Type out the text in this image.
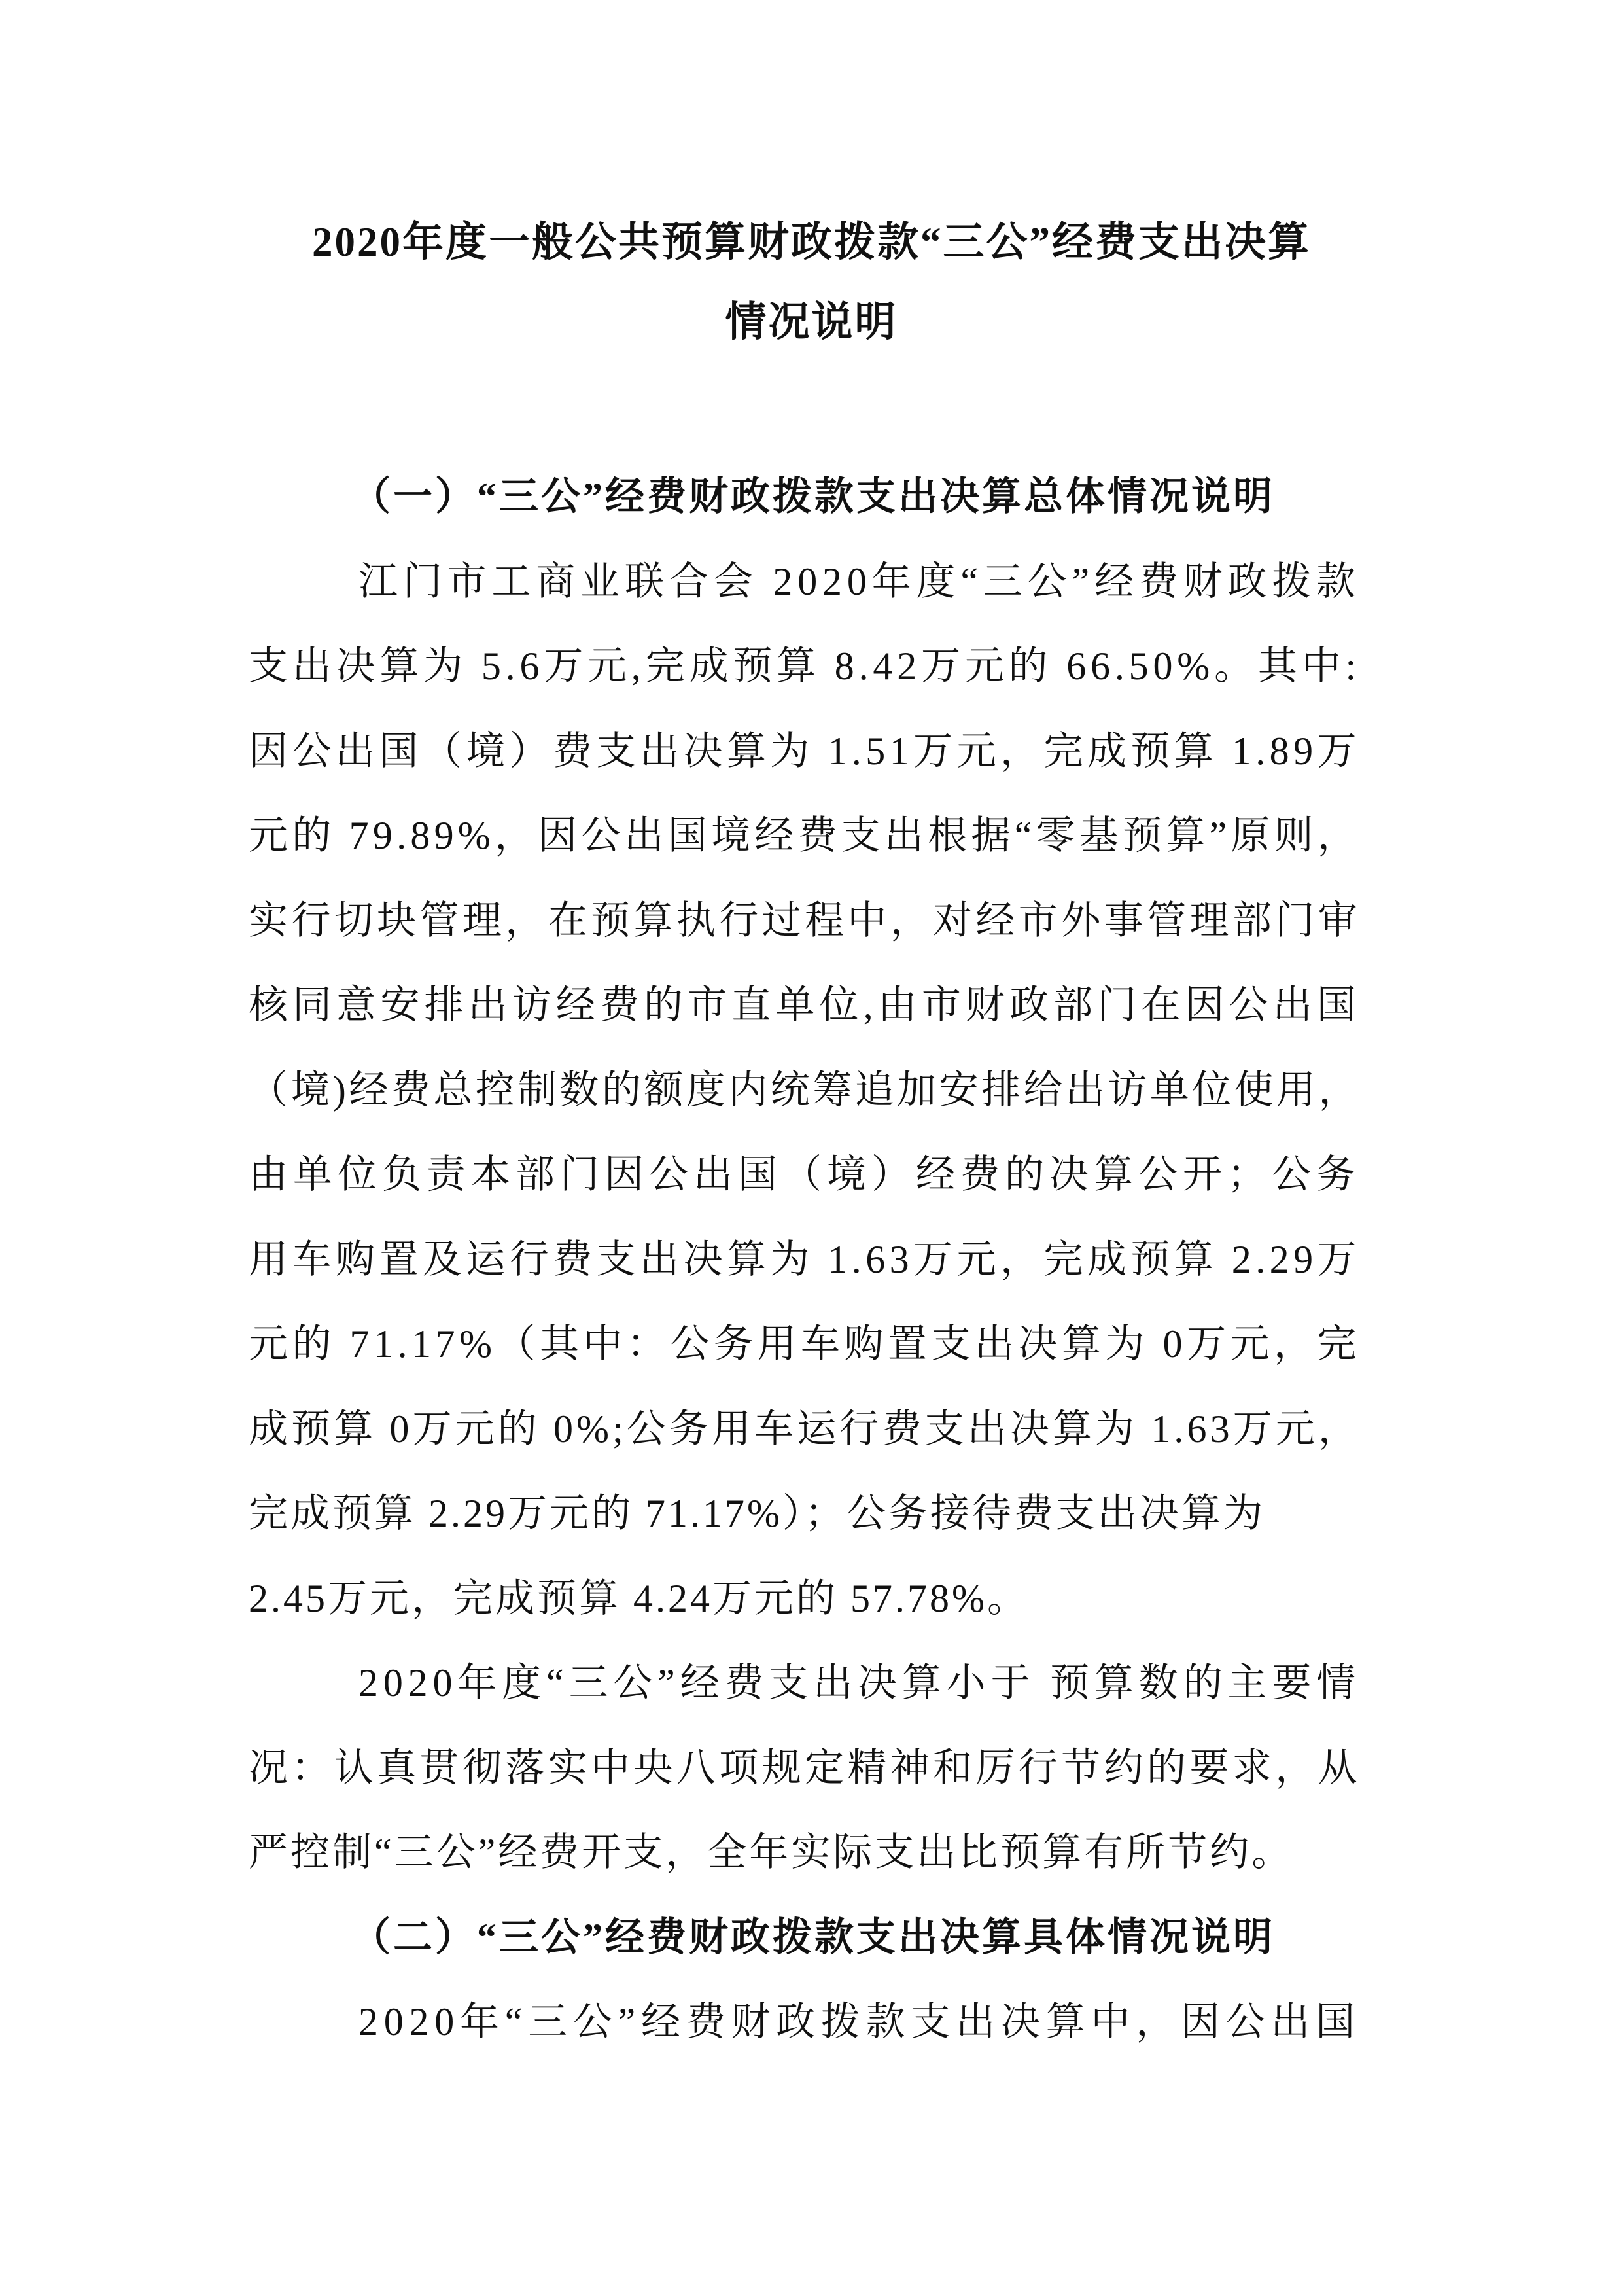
2020年度一般公共预算财政拨款“三公”经费支出决算
情况说明
（一）“三公”经费财政拨款支出决算总体情况说明
江门市工商业联合会 2020年度“三公”经费财政拨款
支出决算为 5.6万元,完成预算 8.42万元的 66.50%。其中:
因公出国（境）费支出决算为 1.51万元，完成预算 1.89万
元的 79.89%，因公出国境经费支出根据“零基预算”原则，
实行切块管理，在预算执行过程中，对经市外事管理部门审
核同意安排出访经费的市直单位,由市财政部门在因公出国
（境)经费总控制数的额度内统筹追加安排给出访单位使用，
由单位负责本部门因公出国（境）经费的决算公开；公务
用车购置及运行费支出决算为 1.63万元，完成预算 2.29万
元的 71.17%（其中：公务用车购置支出决算为 0万元，完
成预算 0万元的 0%;公务用车运行费支出决算为 1.63万元，
完成预算 2.29万元的 71.17%）；公务接待费支出决算为
2.45万元，完成预算 4.24万元的 57.78%。
2020年度“三公”经费支出决算小于 预算数的主要情
况：认真贯彻落实中央八项规定精神和厉行节约的要求，从
严控制“三公”经费开支，全年实际支出比预算有所节约。
（二）“三公”经费财政拨款支出决算具体情况说明
2020年“三公”经费财政拨款支出决算中，因公出国
